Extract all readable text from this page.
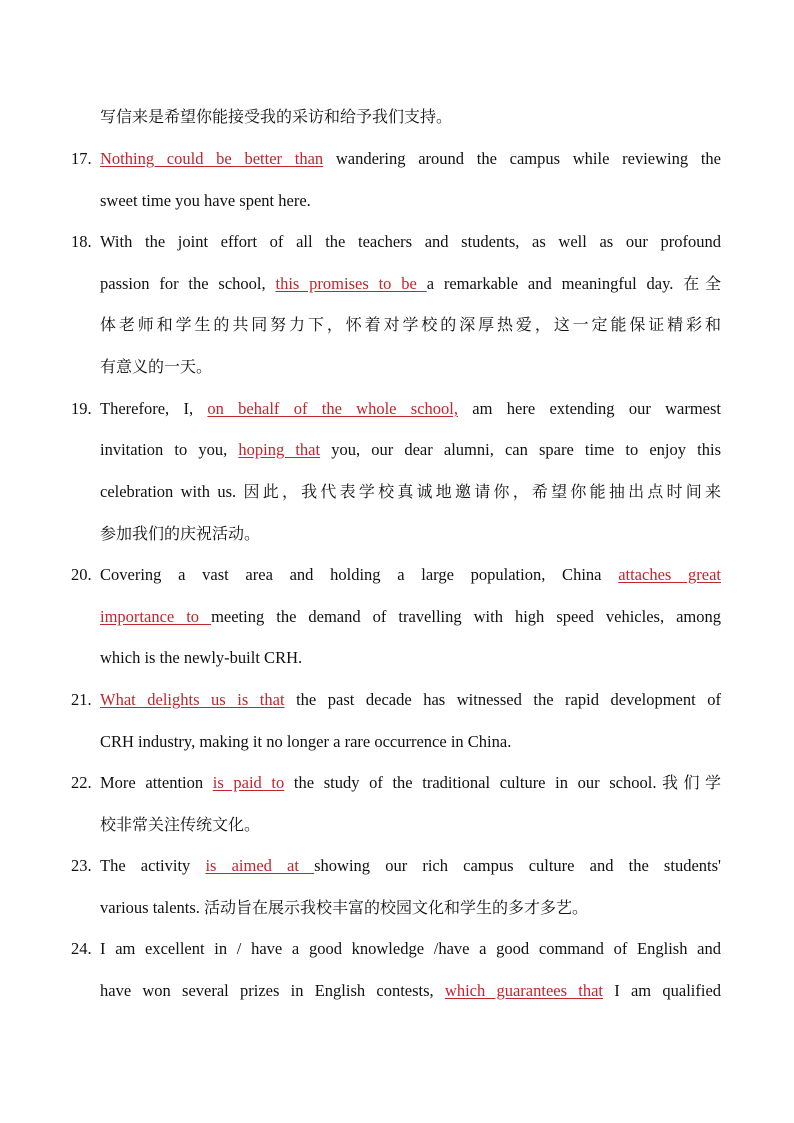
写信来是希望你能接受我的采访和给予我们支持。
17. Nothing could be better than wandering around the campus while reviewing the
sweet time you have spent here.
18. With the joint effort of all the teachers and students, as well as our profound
passion for the school, this promises to be a remarkable and meaningful day. 在全
体老师和学生的共同努力下，怀着对学校的深厚热爱，这一定能保证精彩和
有意义的一天。
19. Therefore, I, on behalf of the whole school, am here extending our warmest
invitation to you, hoping that you, our dear alumni, can spare time to enjoy this
celebration with us. 因此，我代表学校真诚地邀请你，希望你能抽出点时间来
参加我们的庆祝活动。
20. Covering a vast area and holding a large population, China attaches great
importance to meeting the demand of travelling with high speed vehicles, among
which is the newly-built CRH.
21. What delights us is that the past decade has witnessed the rapid development of
CRH industry, making it no longer a rare occurrence in China.
22. More attention is paid to the study of the traditional culture in our school.我们学
校非常关注传统文化。
23. The activity is aimed at showing our rich campus culture and the students'
various talents. 活动旨在展示我校丰富的校园文化和学生的多才多艺。
24. I am excellent in / have a good knowledge /have a good command of English and
have won several prizes in English contests, which guarantees that I am qualified
